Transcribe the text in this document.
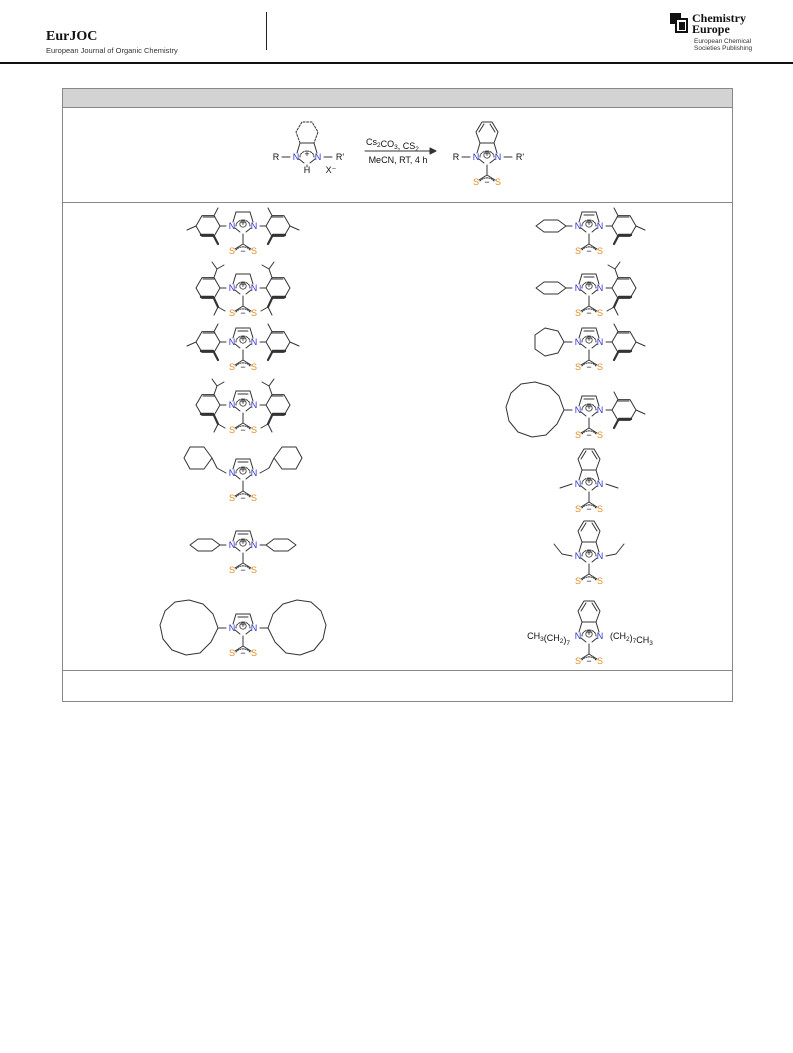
EurJOC
European Journal of Organic Chemistry
Chemistry
Europe
European Chemical
Societies Publishing
+
N N
R	R'
H X⁻
$Cs_2CO_3$, $CS_2$
MeCN, RT, 4 h
+
N N
−
S S
R	R'
+
N N
−
S S
+
N N
−
S S
+
N N
−
S S
+
N N
−
S S
+
N N
−
S S
+
N N
−
S S
+
N N
−
S S
+
N N
−
S S
+
N N
−
S S
+
N N
−
S S
+
N N
−
S S
+
N N
−
S S
+
N N
−
S S
+
N N
−
S S
$CH_3(CH_2)_7$
$(CH_2)_7CH_3$
